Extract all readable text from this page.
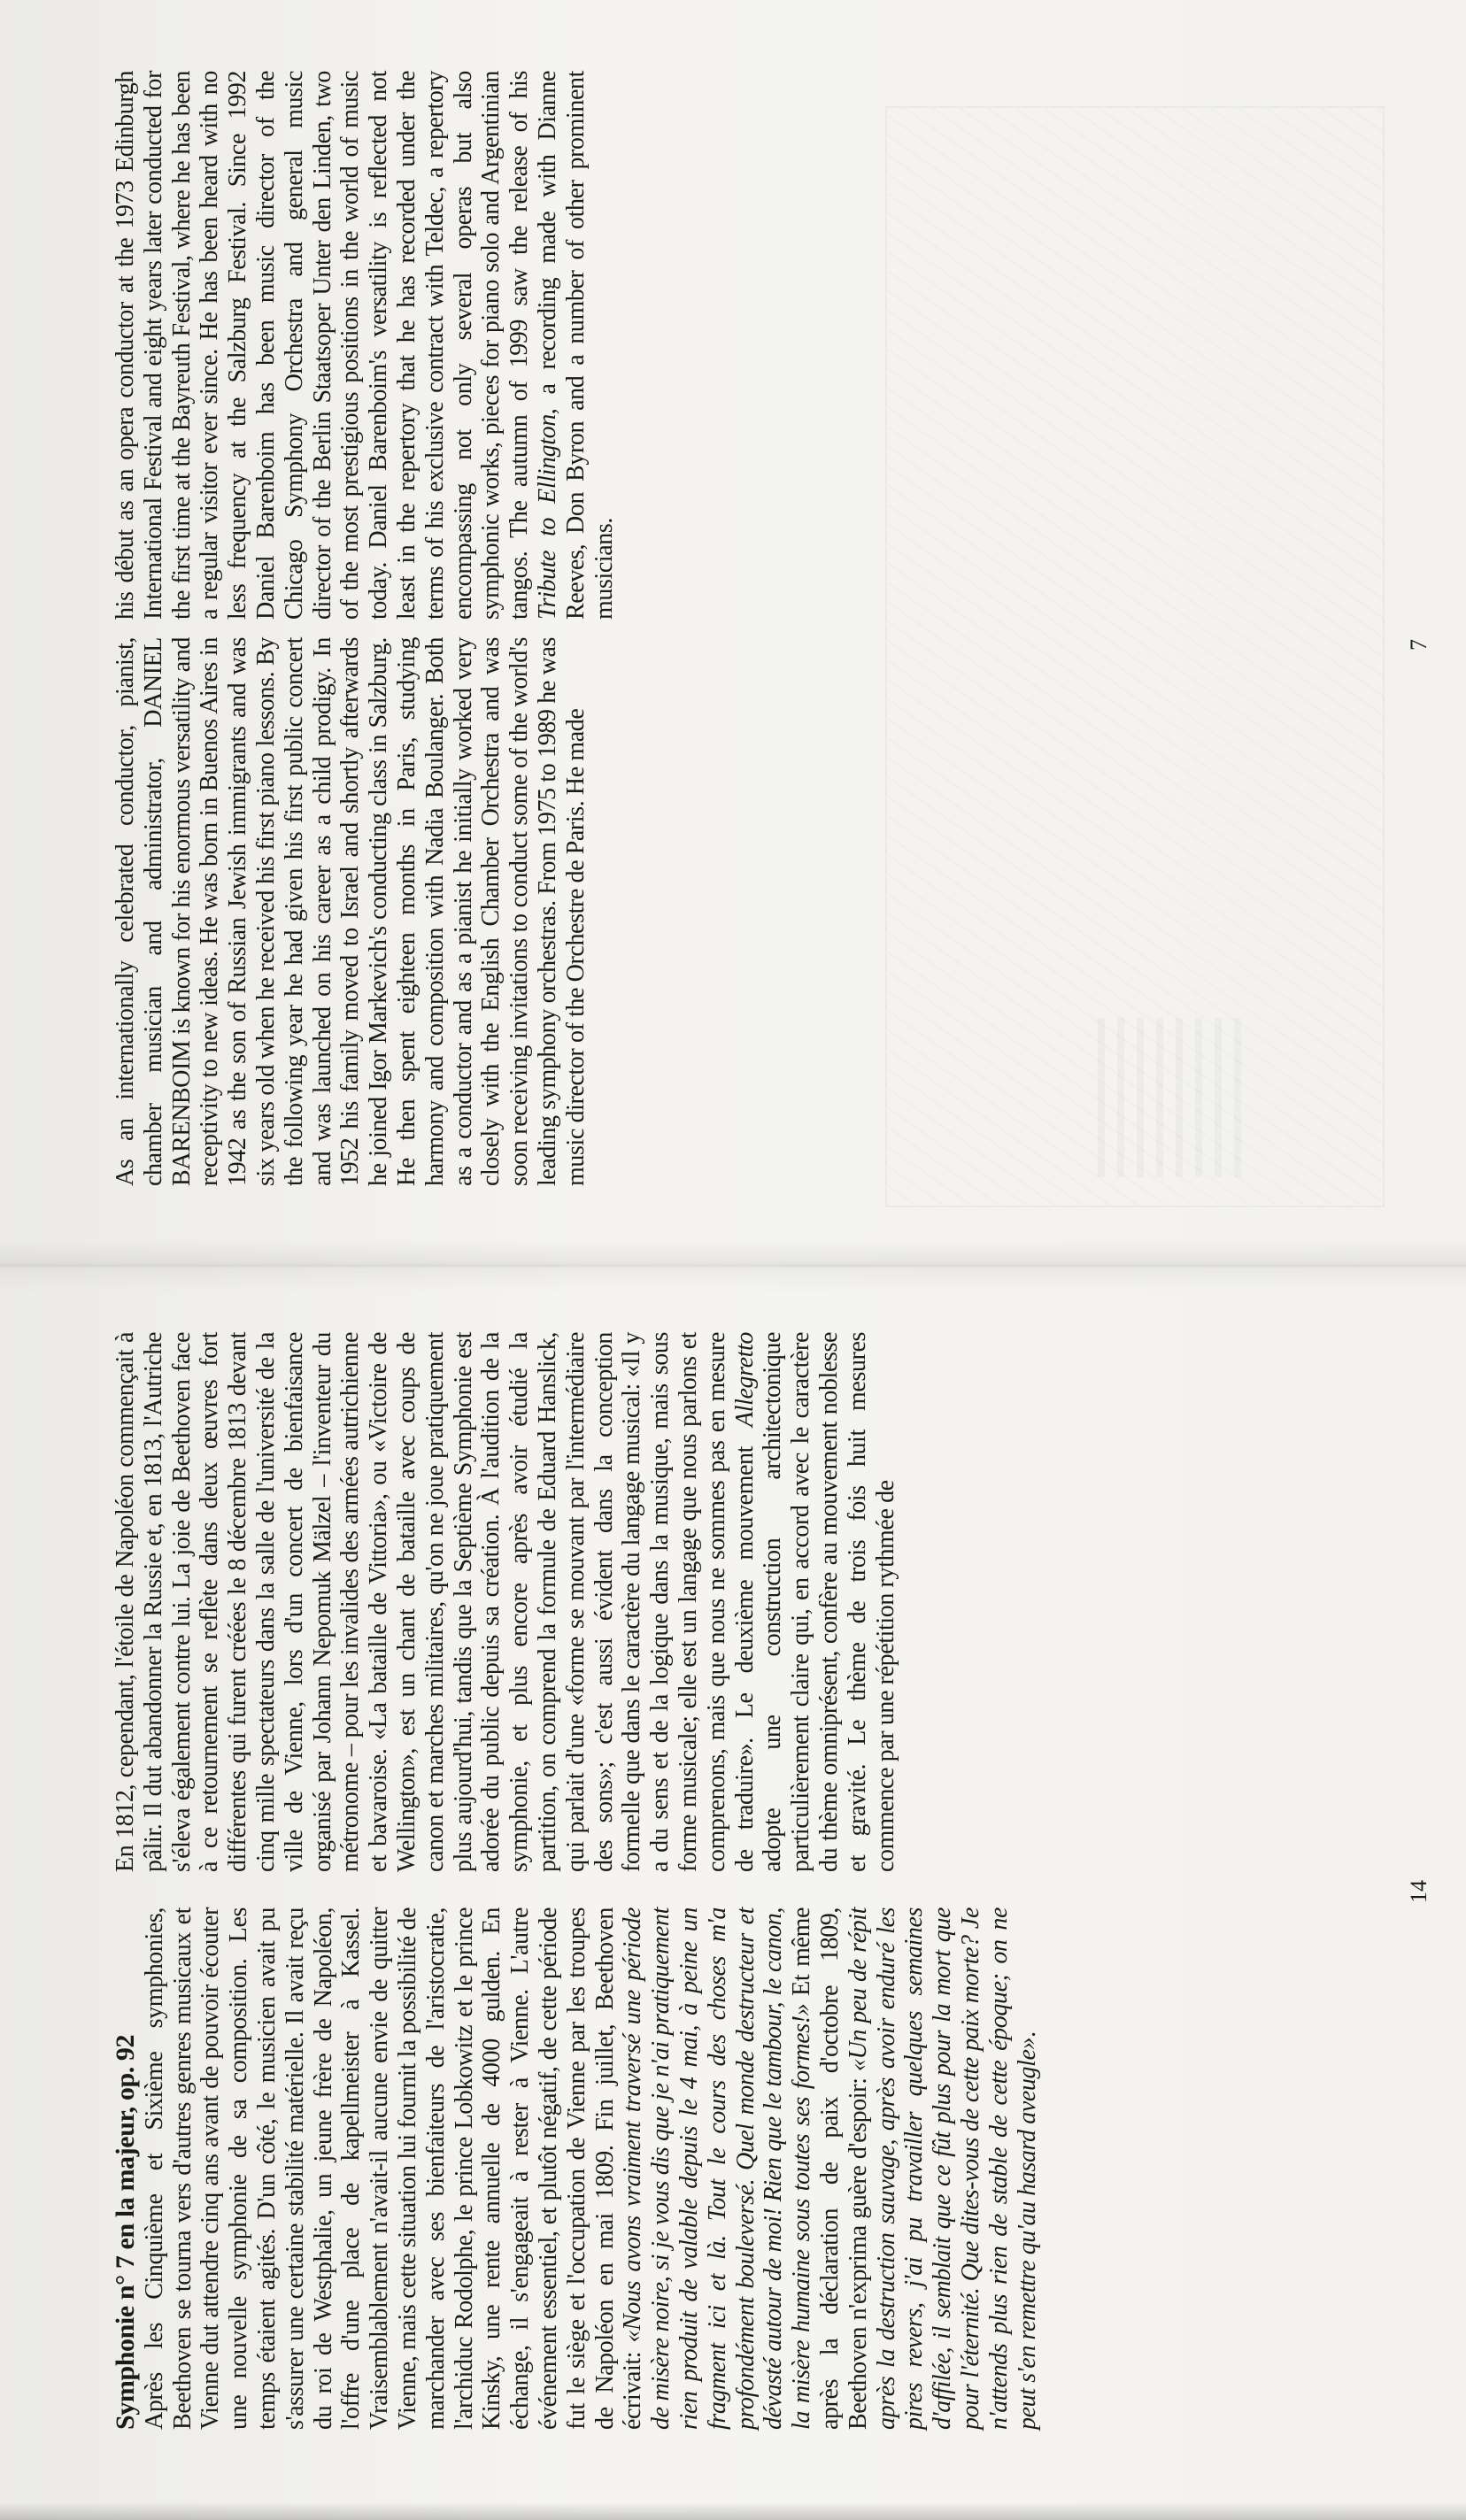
As an internationally celebrated conductor, pianist, chamber musician and administrator, DANIEL BARENBOIM is known for his enormous versatility and receptivity to new ideas. He was born in Buenos Aires in 1942 as the son of Russian Jewish immigrants and was six years old when he received his first piano lessons. By the following year he had given his first public concert and was launched on his career as a child prodigy. In 1952 his family moved to Israel and shortly afterwards he joined Igor Markevich's conducting class in Salzburg. He then spent eighteen months in Paris, studying harmony and composition with Nadia Boulanger. Both as a conductor and as a pianist he initially worked very closely with the English Chamber Orchestra and was soon receiving invitations to conduct some of the world's leading symphony orchestras. From 1975 to 1989 he was music director of the Orchestre de Paris. He made

his début as an opera conductor at the 1973 Edinburgh International Festival and eight years later conducted for the first time at the Bayreuth Festival, where he has been a regular visitor ever since. He has been heard with no less frequency at the Salzburg Festival. Since 1992 Daniel Barenboim has been music director of the Chicago Symphony Orchestra and general music director of the Berlin Staatsoper Unter den Linden, two of the most prestigious positions in the world of music today. Daniel Barenboim's versatility is reflected not least in the repertory that he has recorded under the terms of his exclusive contract with Teldec, a repertory encompassing not only several operas but also symphonic works, pieces for piano solo and Argentinian tangos. The autumn of 1999 saw the release of his Tribute to Ellington, a recording made with Dianne Reeves, Don Byron and a number of other prominent musicians.

7

Symphonie n° 7 en la majeur, op. 92
Après les Cinquième et Sixième symphonies, Beethoven se tourna vers d'autres genres musicaux et Vienne dut attendre cinq ans avant de pouvoir écouter une nouvelle symphonie de sa composition. Les temps étaient agités. D'un côté, le musicien avait pu s'assurer une certaine stabilité matérielle. Il avait reçu du roi de Westphalie, un jeune frère de Napoléon, l'offre d'une place de kapellmeister à Kassel. Vraisemblablement n'avait-il aucune envie de quitter Vienne, mais cette situation lui fournit la possibilité de marchander avec ses bienfaiteurs de l'aristocratie, l'archiduc Rodolphe, le prince Lobkowitz et le prince Kinsky, une rente annuelle de 4000 gulden. En échange, il s'engageait à rester à Vienne. L'autre événement essentiel, et plutôt négatif, de cette période fut le siège et l'occupation de Vienne par les troupes de Napoléon en mai 1809. Fin juillet, Beethoven écrivait: «Nous avons vraiment traversé une période de misère noire, si je vous dis que je n'ai pratiquement rien produit de valable depuis le 4 mai, à peine un fragment ici et là. Tout le cours des choses m'a profondément bouleversé. Quel monde destructeur et dévasté autour de moi! Rien que le tambour, le canon, la misère humaine sous toutes ses formes!» Et même après la déclaration de paix d'octobre 1809, Beethoven n'exprima guère d'espoir: «Un peu de répit après la destruction sauvage, après avoir enduré les pires revers, j'ai pu travailler quelques semaines d'affilée, il semblait que ce fût plus pour la mort que pour l'éternité. Que dites-vous de cette paix morte? Je n'attends plus rien de stable de cette époque; on ne peut s'en remettre qu'au hasard aveugle».

En 1812, cependant, l'étoile de Napoléon commençait à pâlir. Il dut abandonner la Russie et, en 1813, l'Autriche s'éleva également contre lui. La joie de Beethoven face à ce retournement se reflète dans deux œuvres fort différentes qui furent créées le 8 décembre 1813 devant cinq mille spectateurs dans la salle de l'université de la ville de Vienne, lors d'un concert de bienfaisance organisé par Johann Nepomuk Mälzel – l'inventeur du métronome – pour les invalides des armées autrichienne et bavaroise. «La bataille de Vittoria», ou «Victoire de Wellington», est un chant de bataille avec coups de canon et marches militaires, qu'on ne joue pratiquement plus aujourd'hui, tandis que la Septième Symphonie est adorée du public depuis sa création. À l'audition de la symphonie, et plus encore après avoir étudié la partition, on comprend la formule de Eduard Hanslick, qui parlait d'une «forme se mouvant par l'intermédiaire des sons»; c'est aussi évident dans la conception formelle que dans le caractère du langage musical: «Il y a du sens et de la logique dans la musique, mais sous forme musicale; elle est un langage que nous parlons et comprenons, mais que nous ne sommes pas en mesure de traduire». Le deuxième mouvement Allegretto adopte une construction architectonique particulièrement claire qui, en accord avec le caractère du thème omniprésent, confère au mouvement noblesse et gravité. Le thème de trois fois huit mesures commence par une répétition rythmée de

14
